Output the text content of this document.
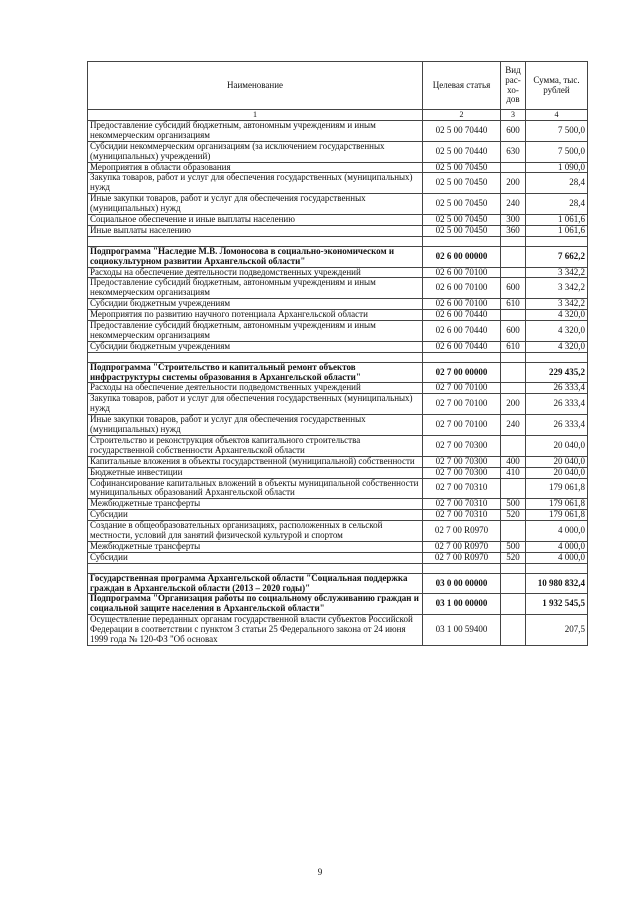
Наименование	Целевая статья	Вид рас-хо-дов	Сумма, тыс. рублей
1	2	3	4
Предоставление субсидий бюджетным, автономным учреждениям и иным некоммерческим организациям	02 5 00 70440	600	7 500,0
Субсидии некоммерческим организациям (за исключением государственных (муниципальных) учреждений)	02 5 00 70440	630	7 500,0
Мероприятия в области образования	02 5 00 70450		1 090,0
Закупка товаров, работ и услуг для обеспечения государственных (муниципальных) нужд	02 5 00 70450	200	28,4
Иные закупки товаров, работ и услуг для обеспечения государственных (муниципальных) нужд	02 5 00 70450	240	28,4
Социальное обеспечение и иные выплаты населению	02 5 00 70450	300	1 061,6
Иные выплаты населению	02 5 00 70450	360	1 061,6

Подпрограмма "Наследие М.В. Ломоносова в социально-экономическом и социокультурном развитии Архангельской области"	02 6 00 00000		7 662,2
Расходы на обеспечение деятельности подведомственных учреждений	02 6 00 70100		3 342,2
Предоставление субсидий бюджетным, автономным учреждениям и иным некоммерческим организациям	02 6 00 70100	600	3 342,2
Субсидии бюджетным учреждениям	02 6 00 70100	610	3 342,2
Мероприятия по развитию научного потенциала Архангельской области	02 6 00 70440		4 320,0
Предоставление субсидий бюджетным, автономным учреждениям и иным некоммерческим организациям	02 6 00 70440	600	4 320,0
Субсидии бюджетным учреждениям	02 6 00 70440	610	4 320,0

Подпрограмма "Строительство и капитальный ремонт объектов инфраструктуры системы образования в Архангельской области"	02 7 00 00000		229 435,2
Расходы на обеспечение деятельности подведомственных учреждений	02 7 00 70100		26 333,4
Закупка товаров, работ и услуг для обеспечения государственных (муниципальных) нужд	02 7 00 70100	200	26 333,4
Иные закупки товаров, работ и услуг для обеспечения государственных (муниципальных) нужд	02 7 00 70100	240	26 333,4
Строительство и реконструкция объектов капитального строительства государственной собственности Архангельской области	02 7 00 70300		20 040,0
Капитальные вложения в объекты государственной (муниципальной) собственности	02 7 00 70300	400	20 040,0
Бюджетные инвестиции	02 7 00 70300	410	20 040,0
Софинансирование капитальных вложений в объекты муниципальной собственности муниципальных образований Архангельской области	02 7 00 70310		179 061,8
Межбюджетные трансферты	02 7 00 70310	500	179 061,8
Субсидии	02 7 00 70310	520	179 061,8
Создание в общеобразовательных организациях, расположенных в сельской местности, условий для занятий физической культурой и спортом	02 7 00 R0970		4 000,0
Межбюджетные трансферты	02 7 00 R0970	500	4 000,0
Субсидии	02 7 00 R0970	520	4 000,0

Государственная программа Архангельской области "Социальная поддержка граждан в Архангельской области (2013 – 2020 годы)"	03 0 00 00000		10 980 832,4
Подпрограмма "Организация работы по социальному обслуживанию граждан и социальной защите населения в Архангельской области"	03 1 00 00000		1 932 545,5
Осуществление переданных органам государственной власти субъектов Российской Федерации в соответствии с пунктом 3 статьи 25 Федерального закона от 24 июня 1999 года № 120-ФЗ "Об основах	03 1 00 59400		207,5
9
